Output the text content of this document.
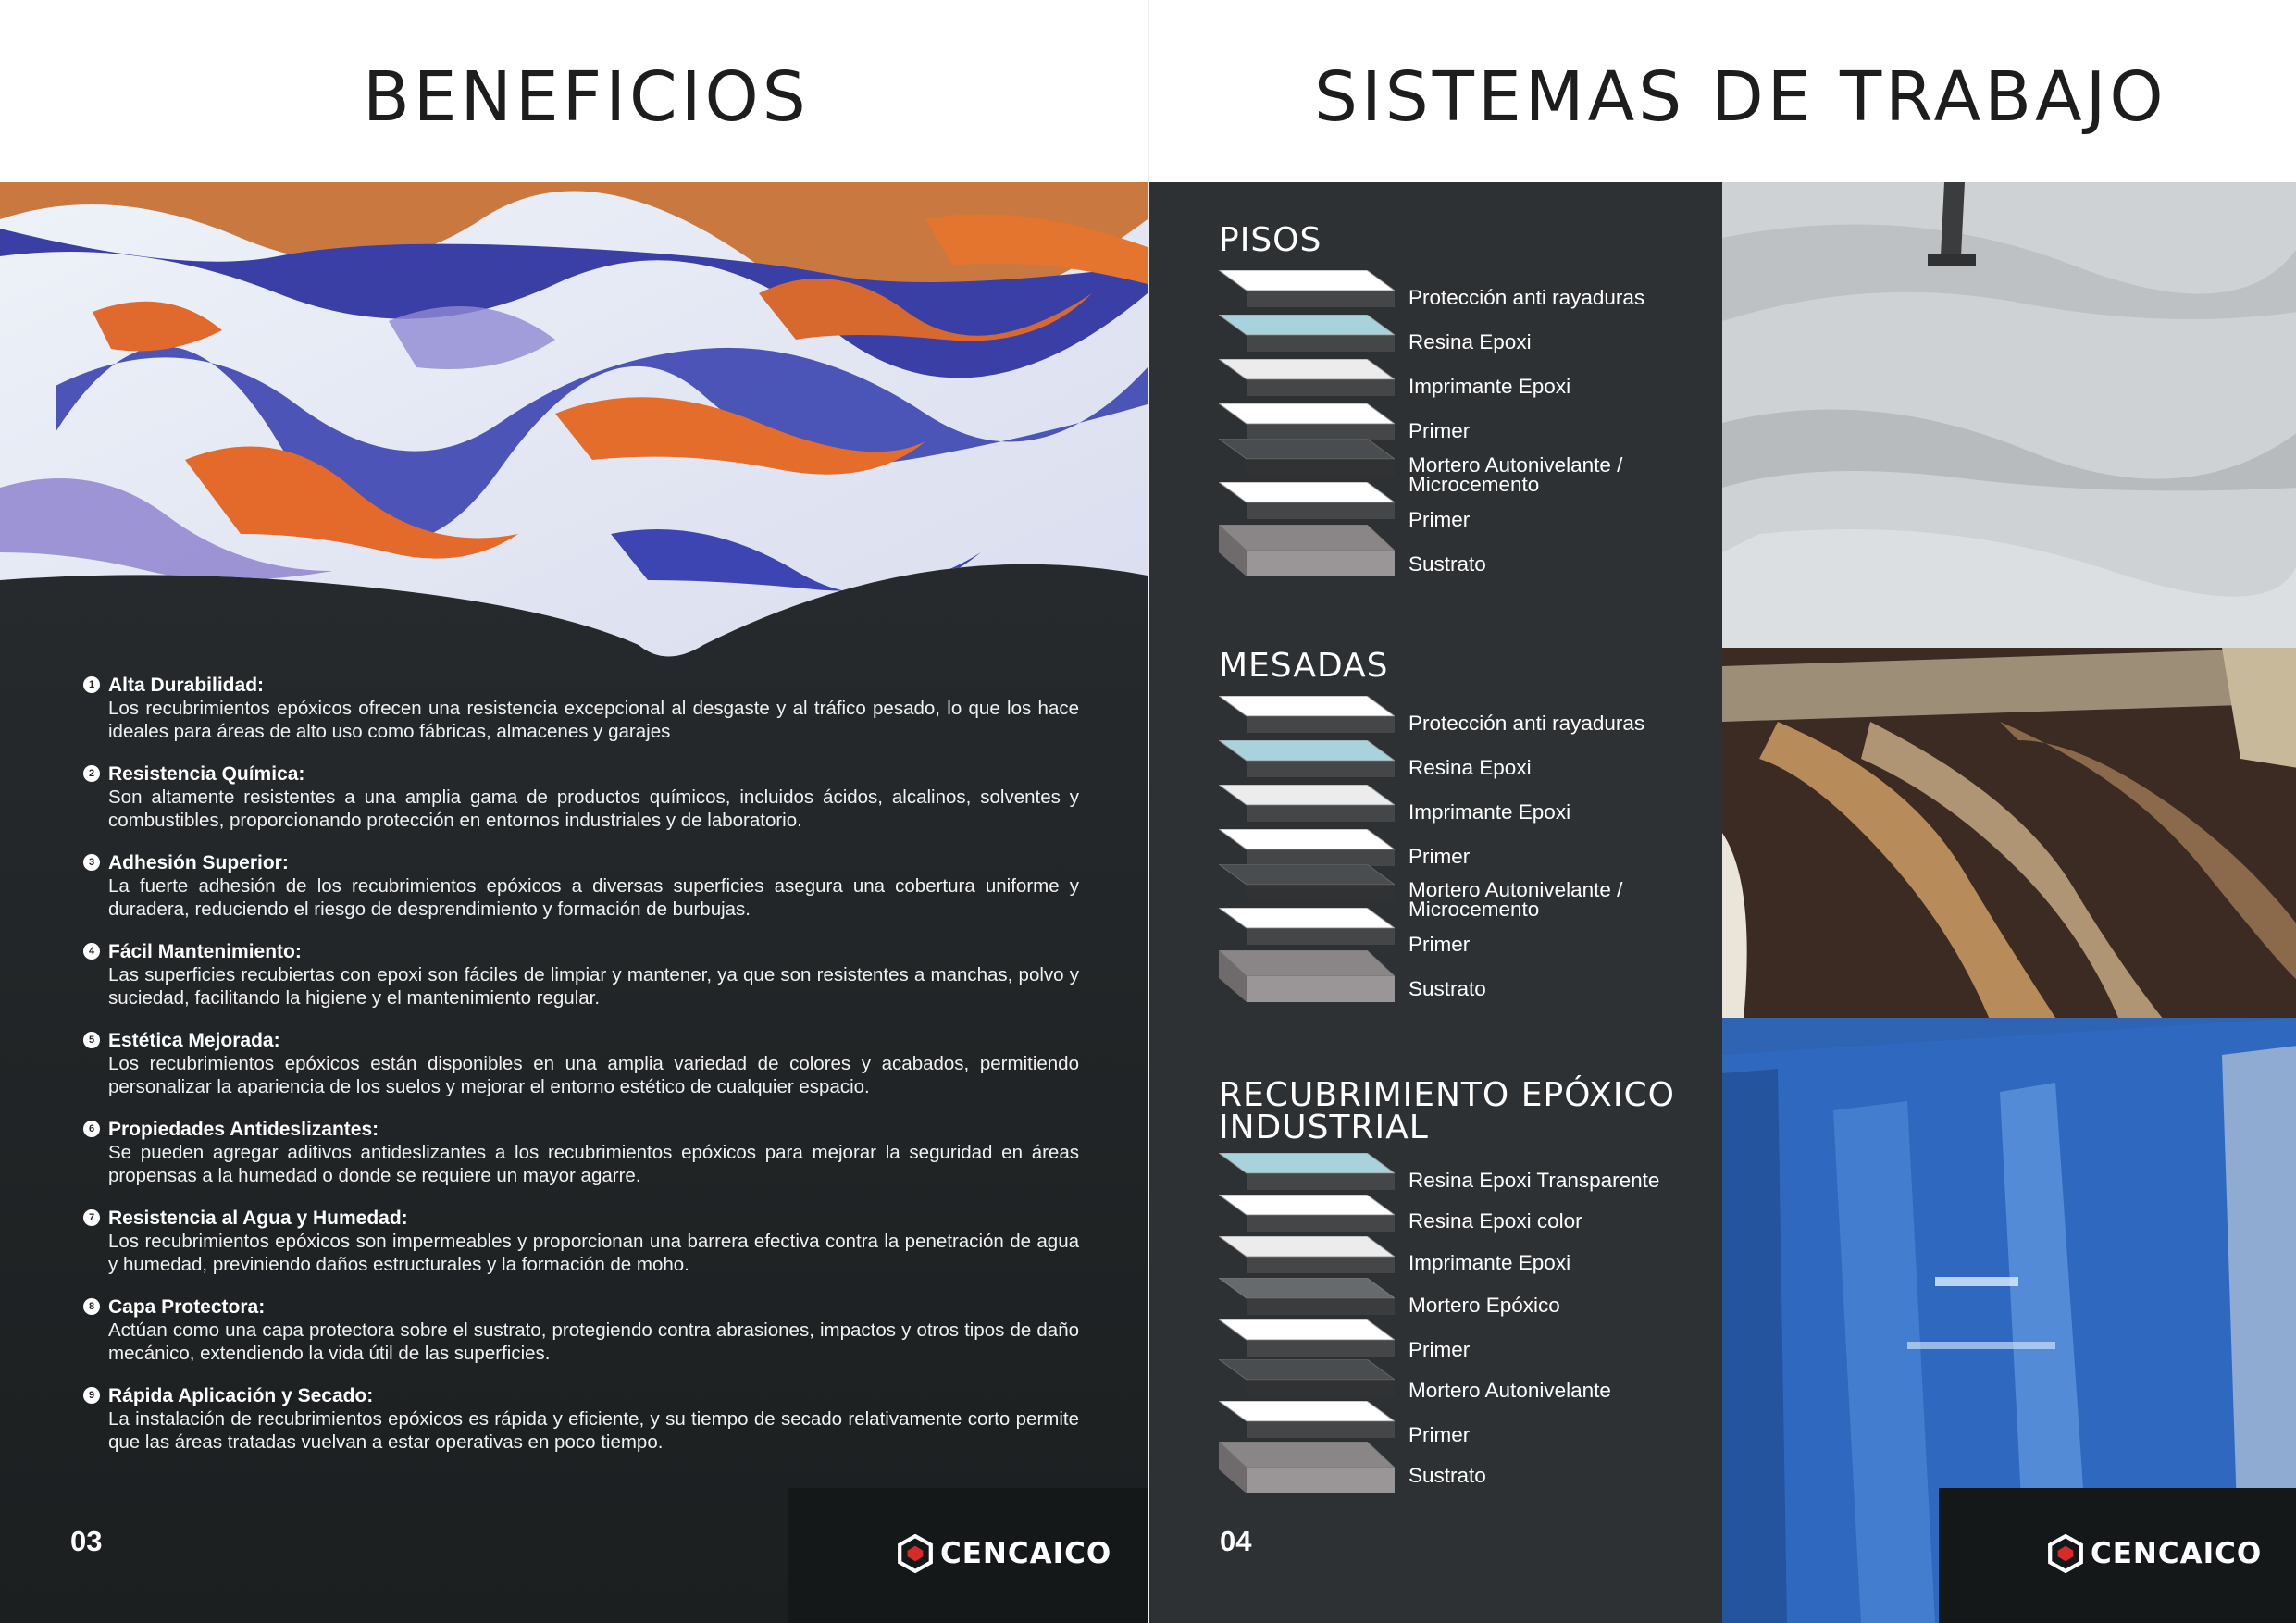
BENEFICIOS
1 Alta Durabilidad:
Los recubrimientos epóxicos ofrecen una resistencia excepcional al desgaste y al tráfico pesado, lo que los hace ideales para áreas de alto uso como fábricas, almacenes y garajes
2 Resistencia Química:
Son altamente resistentes a una amplia gama de productos químicos, incluidos ácidos, alcalinos, solventes y combustibles, proporcionando protección en entornos industriales y de laboratorio.
3 Adhesión Superior:
La fuerte adhesión de los recubrimientos epóxicos a diversas superficies asegura una cobertura uniforme y duradera, reduciendo el riesgo de desprendimiento y formación de burbujas.
4 Fácil Mantenimiento:
Las superficies recubiertas con epoxi son fáciles de limpiar y mantener, ya que son resistentes a manchas, polvo y suciedad, facilitando la higiene y el mantenimiento regular.
5 Estética Mejorada:
Los recubrimientos epóxicos están disponibles en una amplia variedad de colores y acabados, permitiendo personalizar la apariencia de los suelos y mejorar el entorno estético de cualquier espacio.
6 Propiedades Antideslizantes:
Se pueden agregar aditivos antideslizantes a los recubrimientos epóxicos para mejorar la seguridad en áreas propensas a la humedad o donde se requiere un mayor agarre.
7 Resistencia al Agua y Humedad:
Los recubrimientos epóxicos son impermeables y proporcionan una barrera efectiva contra la penetración de agua y humedad, previniendo daños estructurales y la formación de moho.
8 Capa Protectora:
Actúan como una capa protectora sobre el sustrato, protegiendo contra abrasiones, impactos y otros tipos de daño mecánico, extendiendo la vida útil de las superficies.
9 Rápida Aplicación y Secado:
La instalación de recubrimientos epóxicos es rápida y eficiente, y su tiempo de secado relativamente corto permite que las áreas tratadas vuelvan a estar operativas en poco tiempo.
03	CENCAICO
SISTEMAS DE TRABAJO
PISOS
Protección anti rayaduras
Resina Epoxi
Imprimante Epoxi
Primer
Mortero Autonivelante / Microcemento
Primer
Sustrato
MESADAS
Protección anti rayaduras
Resina Epoxi
Imprimante Epoxi
Primer
Mortero Autonivelante / Microcemento
Primer
Sustrato
RECUBRIMIENTO EPÓXICO INDUSTRIAL
Resina Epoxi Transparente
Resina Epoxi color
Imprimante Epoxi
Mortero Epóxico
Primer
Mortero Autonivelante
Primer
Sustrato
04	CENCAICO
